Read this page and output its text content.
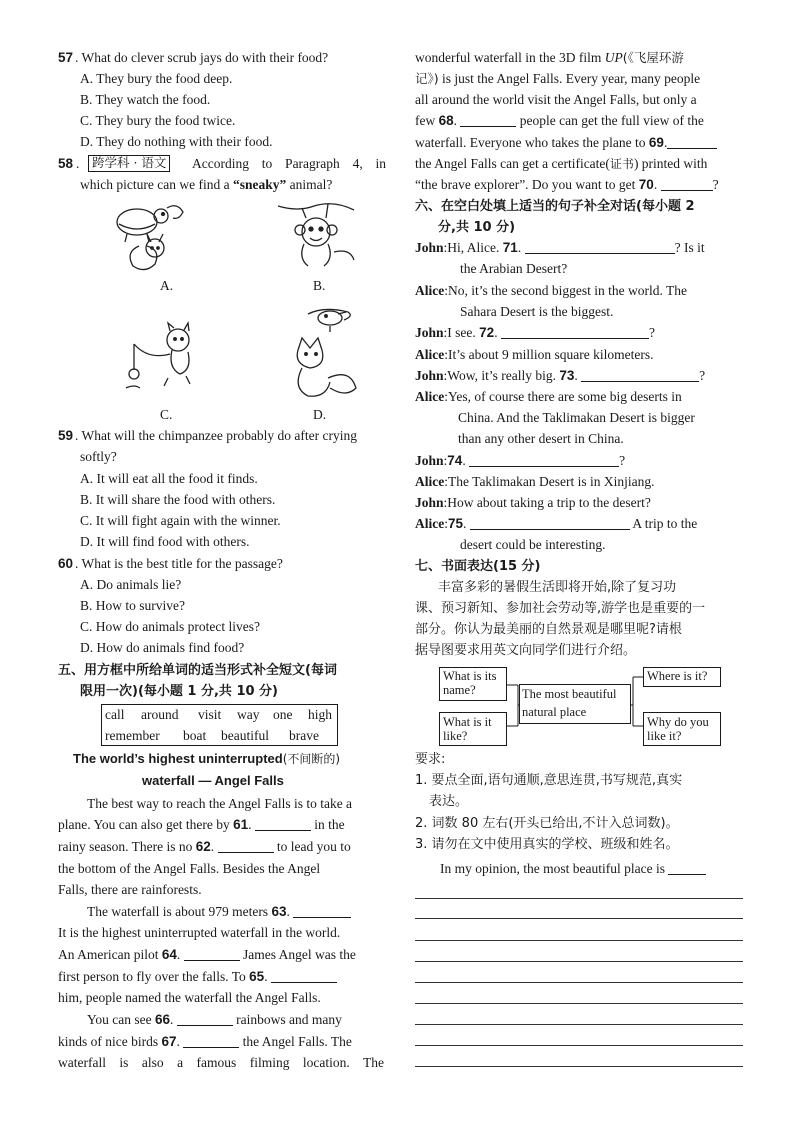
57 . What do clever scrub jays do with their food?
A. They bury the food deep.
B. They watch the food.
C. They bury the food twice.
D. They do nothing with their food.
58 .	跨学科 · 语文 According to Paragraph 4, in
which picture can we find a “sneaky” animal?
A.	B.
C.	D.
59 . What will the chimpanzee probably do after crying
softly?
A. It will eat all the food it finds.
B. It will share the food with others.
C. It will fight again with the winner.
D. It will find food with others.
60 . What is the best title for the passage?
A. Do animals lie?
B. How to survive?
C. How do animals protect lives?
D. How do animals find food?
五、用方框中所给单词的适当形式补全短文(每词
限用一次)(每小题 1 分,共 10 分)
call around visit way one high
remember boat beautiful brave
The world’s highest uninterrupted(不间断的)
waterfall — Angel Falls
The best way to reach the Angel Falls is to take a
plane. You can also get there by 61.	in the
rainy season. There is no 62.	to lead you to
the bottom of the Angel Falls. Besides the Angel
Falls, there are rainforests.
The waterfall is about 979 meters 63.
It is the highest uninterrupted waterfall in the world.
An American pilot 64.	James Angel was the
first person to fly over the falls. To 65.
him, people named the waterfall the Angel Falls.
You can see 66.	rainbows and many
kinds of nice birds 67.	the Angel Falls. The
waterfall is also a famous filming location. The
wonderful waterfall in the 3D film UP(《飞屋环游
记》) is just the Angel Falls. Every year, many people
all around the world visit the Angel Falls, but only a
few 68.	people can get the full view of the
waterfall. Everyone who takes the plane to 69.
the Angel Falls can get a certificate(证书) printed with
“the brave explorer”. Do you want to get 70.	?
六、在空白处填上适当的句子补全对话(每小题 2
分,共 10 分)
John:Hi, Alice. 71.	? Is it
the Arabian Desert?
Alice:No, it’s the second biggest in the world. The
Sahara Desert is the biggest.
John:I see. 72.	?
Alice:It’s about 9 million square kilometers.
John:Wow, it’s really big. 73.	?
Alice:Yes, of course there are some big deserts in
China. And the Taklimakan Desert is bigger
than any other desert in China.
John:74.	?
Alice:The Taklimakan Desert is in Xinjiang.
John:How about taking a trip to the desert?
Alice:75.	A trip to the
desert could be interesting.
七、书面表达(15 分)
丰富多彩的暑假生活即将开始,除了复习功
课、预习新知、参加社会劳动等,游学也是重要的一
部分。你认为最美丽的自然景观是哪里呢?请根
据导图要求用英文向同学们进行介绍。
What is its
name?
What is it
like?
The most beautiful
natural place
Where is it?
Why do you
like it?
要求:
1. 要点全面,语句通顺,意思连贯,书写规范,真实
表达。
2. 词数 80 左右(开头已给出,不计入总词数)。
3. 请勿在文中使用真实的学校、班级和姓名。
In my opinion, the most beautiful place is
